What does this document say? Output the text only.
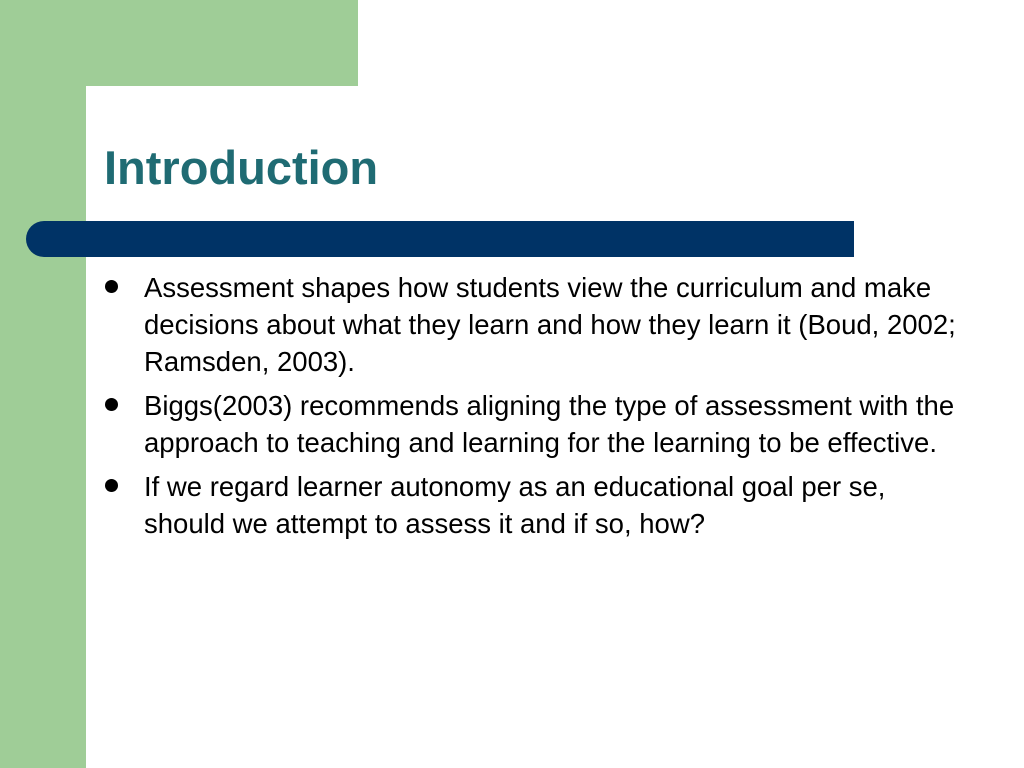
Introduction
Assessment shapes how students view the curriculum and make decisions about what they learn and how they learn it (Boud, 2002; Ramsden, 2003).
Biggs(2003) recommends aligning the type of assessment with the approach to teaching and learning for the learning to be effective.
If we regard learner autonomy as an educational goal per se, should we attempt to assess it and if so, how?
